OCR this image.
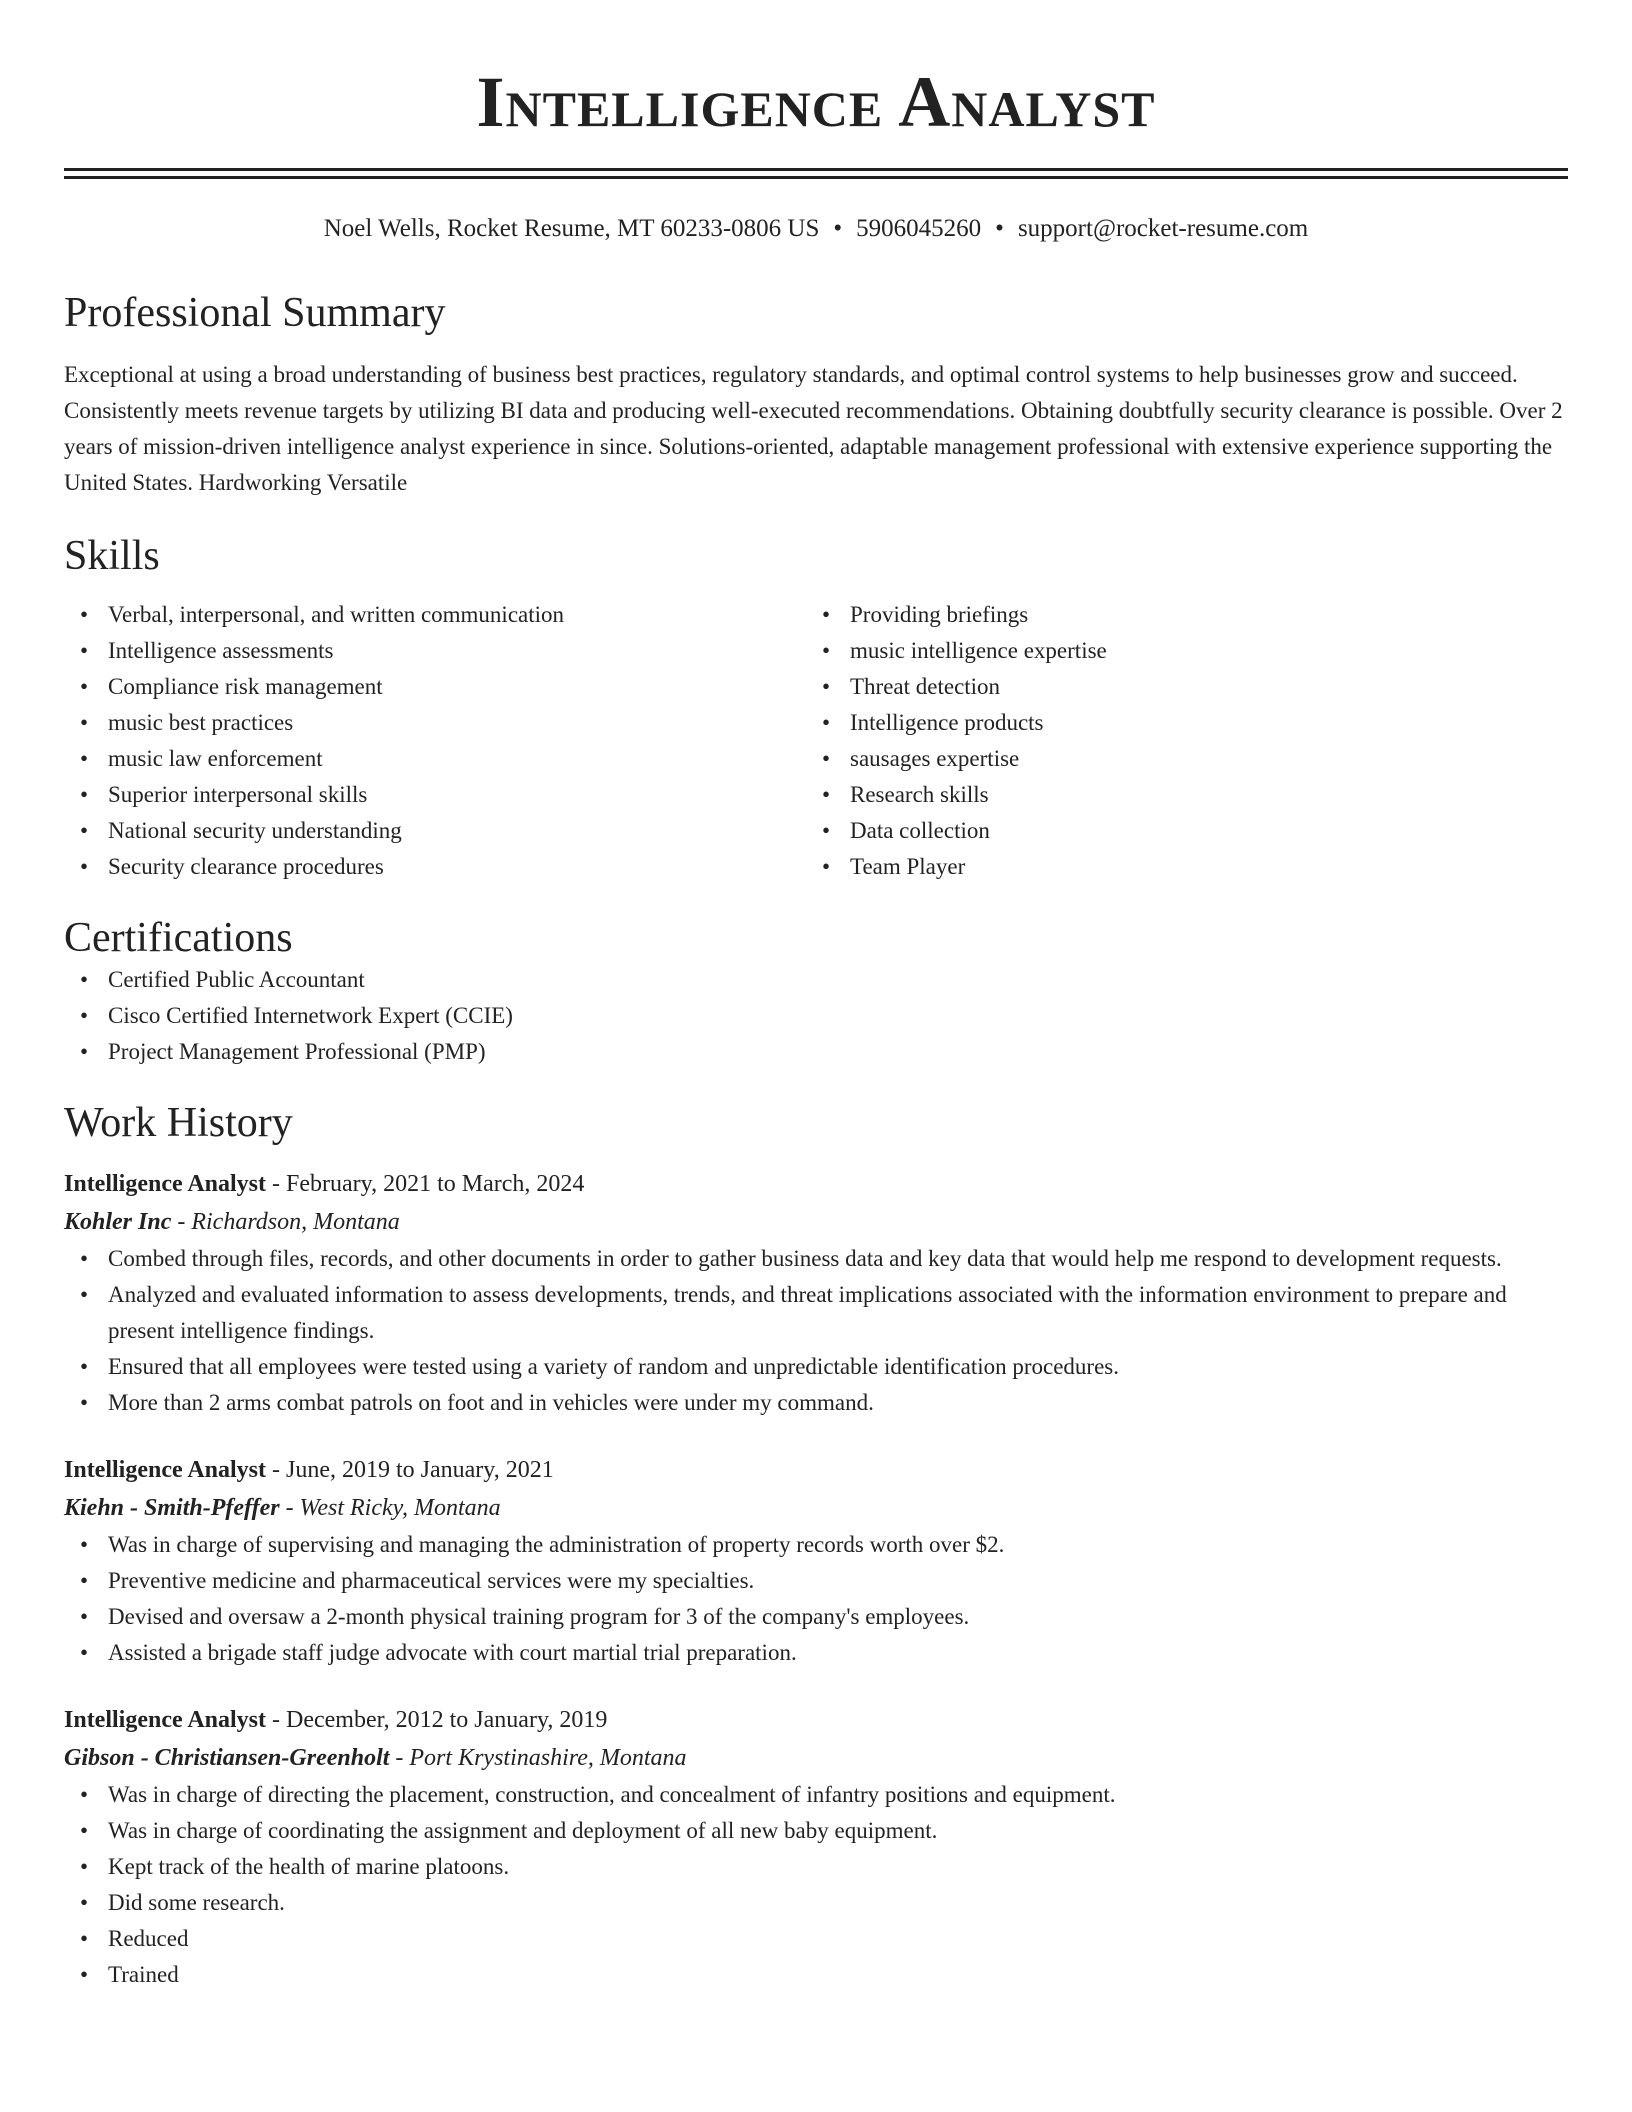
Intelligence Analyst
Noel Wells, Rocket Resume, MT 60233-0806 US • 5906045260 • support@rocket-resume.com
Professional Summary

Exceptional at using a broad understanding of business best practices, regulatory standards, and optimal control systems to help businesses grow and succeed. Consistently meets revenue targets by utilizing BI data and producing well-executed recommendations. Obtaining doubtfully security clearance is possible. Over 2 years of mission-driven intelligence analyst experience in since. Solutions-oriented, adaptable management professional with extensive experience supporting the United States. Hardworking Versatile

Skills
• Verbal, interpersonal, and written communication
• Intelligence assessments
• Compliance risk management
• music best practices
• music law enforcement
• Superior interpersonal skills
• National security understanding
• Security clearance procedures
• Providing briefings
• music intelligence expertise
• Threat detection
• Intelligence products
• sausages expertise
• Research skills
• Data collection
• Team Player
Certifications
• Certified Public Accountant
• Cisco Certified Internetwork Expert (CCIE)
• Project Management Professional (PMP)
Work History
Intelligence Analyst - February, 2021 to March, 2024
Kohler Inc - Richardson, Montana
• Combed through files, records, and other documents in order to gather business data and key data that would help me respond to development requests.
• Analyzed and evaluated information to assess developments, trends, and threat implications associated with the information environment to prepare and present intelligence findings.
• Ensured that all employees were tested using a variety of random and unpredictable identification procedures.
• More than 2 arms combat patrols on foot and in vehicles were under my command.
Intelligence Analyst - June, 2019 to January, 2021
Kiehn - Smith-Pfeffer - West Ricky, Montana
• Was in charge of supervising and managing the administration of property records worth over $2.
• Preventive medicine and pharmaceutical services were my specialties.
• Devised and oversaw a 2-month physical training program for 3 of the company's employees.
• Assisted a brigade staff judge advocate with court martial trial preparation.
Intelligence Analyst - December, 2012 to January, 2019
Gibson - Christiansen-Greenholt - Port Krystinashire, Montana
• Was in charge of directing the placement, construction, and concealment of infantry positions and equipment.
• Was in charge of coordinating the assignment and deployment of all new baby equipment.
• Kept track of the health of marine platoons.
• Did some research.
• Reduced
• Trained
